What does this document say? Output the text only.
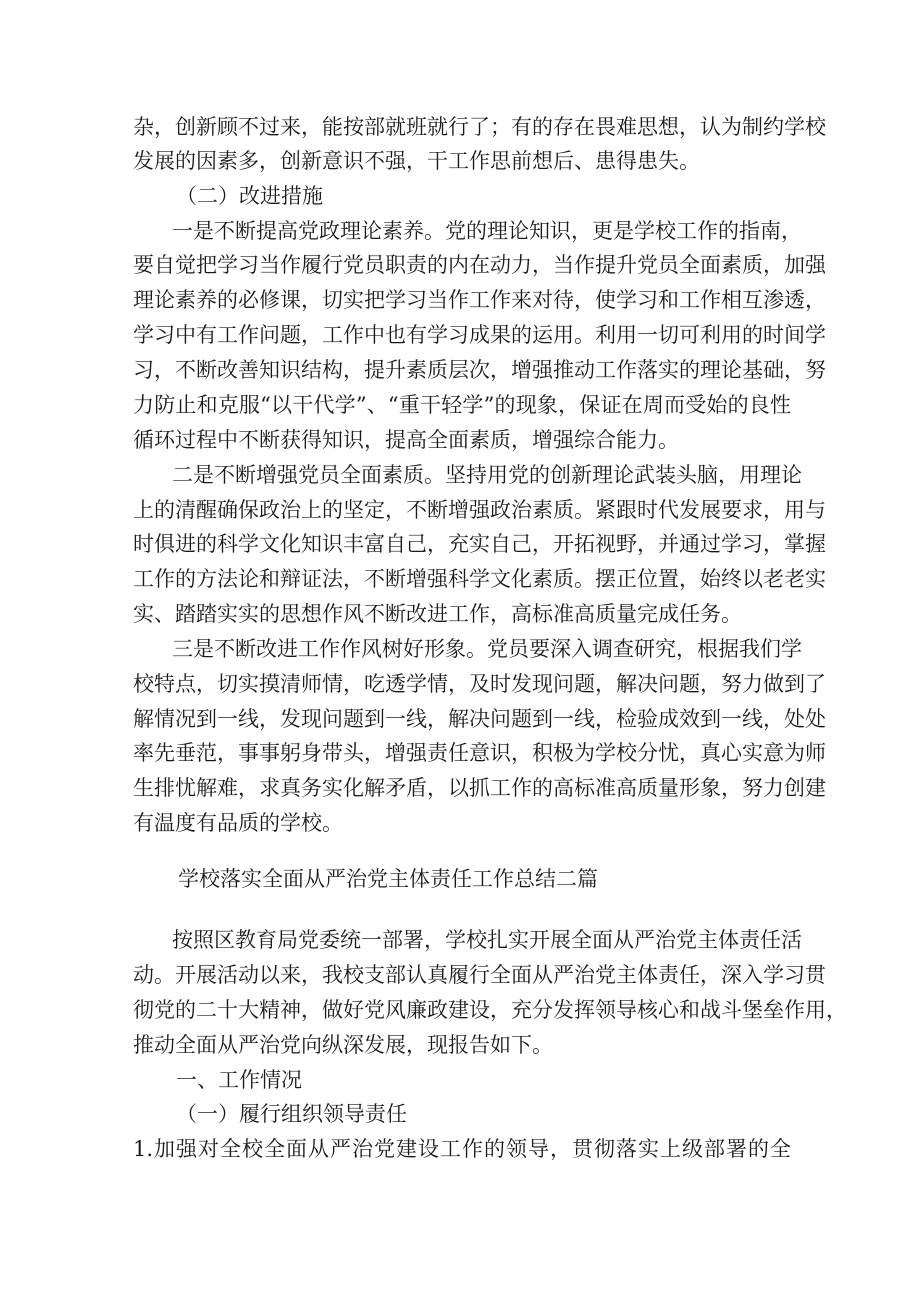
杂，创新顾不过来，能按部就班就行了；有的存在畏难思想，认为制约学校
发展的因素多，创新意识不强，干工作思前想后、患得患失。
（二）改进措施
一是不断提高党政理论素养。党的理论知识，更是学校工作的指南，
要自觉把学习当作履行党员职责的内在动力，当作提升党员全面素质，加强
理论素养的必修课，切实把学习当作工作来对待，使学习和工作相互渗透，
学习中有工作问题，工作中也有学习成果的运用。利用一切可利用的时间学
习，不断改善知识结构，提升素质层次，增强推动工作落实的理论基础，努
力防止和克服“以干代学”、“重干轻学”的现象，保证在周而受始的良性
循环过程中不断获得知识，提高全面素质，增强综合能力。
二是不断增强党员全面素质。坚持用党的创新理论武装头脑，用理论
上的清醒确保政治上的坚定，不断增强政治素质。紧跟时代发展要求，用与
时俱进的科学文化知识丰富自己，充实自己，开拓视野，并通过学习，掌握
工作的方法论和辩证法，不断增强科学文化素质。摆正位置，始终以老老实
实、踏踏实实的思想作风不断改进工作，高标准高质量完成任务。
三是不断改进工作作风树好形象。党员要深入调查研究，根据我们学
校特点，切实摸清师情，吃透学情，及时发现问题，解决问题，努力做到了
解情况到一线，发现问题到一线，解决问题到一线，检验成效到一线，处处
率先垂范，事事躬身带头，增强责任意识，积极为学校分忧，真心实意为师
生排忧解难，求真务实化解矛盾，以抓工作的高标准高质量形象，努力创建
有温度有品质的学校。
学校落实全面从严治党主体责任工作总结二篇
按照区教育局党委统一部署，学校扎实开展全面从严治党主体责任活
动。开展活动以来，我校支部认真履行全面从严治党主体责任，深入学习贯
彻党的二十大精神，做好党风廉政建设，充分发挥领导核心和战斗堡垒作用，
推动全面从严治党向纵深发展，现报告如下。
一、工作情况
（一）履行组织领导责任
1.加强对全校全面从严治党建设工作的领导，贯彻落实上级部署的全
